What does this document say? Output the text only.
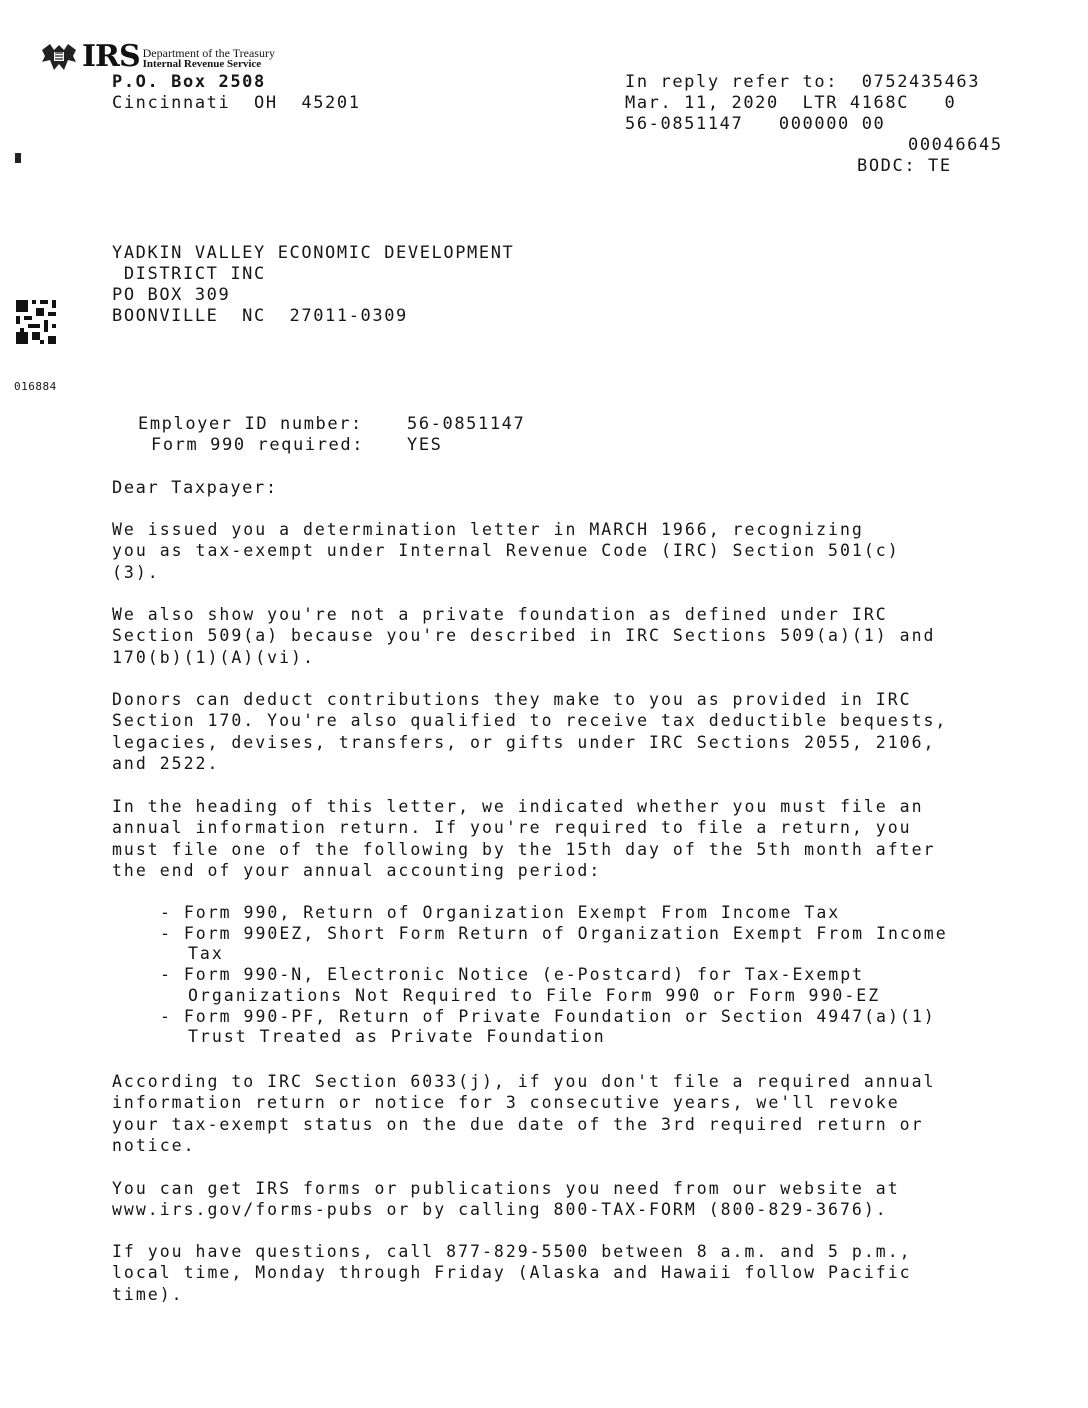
IRS Department of the Treasury
Internal Revenue Service
P.O. Box 2508
Cincinnati  OH  45201
In reply refer to:  0752435463
Mar. 11, 2020  LTR 4168C   0
56-0851147   000000 00
00046645
BODC: TE
YADKIN VALLEY ECONOMIC DEVELOPMENT
DISTRICT INC
PO BOX 309
BOONVILLE  NC  27011-0309
016884
Employer ID number:	56-0851147
Form 990 required:	YES
Dear Taxpayer:
We issued you a determination letter in MARCH 1966, recognizing
you as tax-exempt under Internal Revenue Code (IRC) Section 501(c)
(3).
We also show you're not a private foundation as defined under IRC
Section 509(a) because you're described in IRC Sections 509(a)(1) and
170(b)(1)(A)(vi).
Donors can deduct contributions they make to you as provided in IRC
Section 170. You're also qualified to receive tax deductible bequests,
legacies, devises, transfers, or gifts under IRC Sections 2055, 2106,
and 2522.
In the heading of this letter, we indicated whether you must file an
annual information return. If you're required to file a return, you
must file one of the following by the 15th day of the 5th month after
the end of your annual accounting period:
- Form 990, Return of Organization Exempt From Income Tax
- Form 990EZ, Short Form Return of Organization Exempt From Income
Tax
- Form 990-N, Electronic Notice (e-Postcard) for Tax-Exempt
Organizations Not Required to File Form 990 or Form 990-EZ
- Form 990-PF, Return of Private Foundation or Section 4947(a)(1)
Trust Treated as Private Foundation
According to IRC Section 6033(j), if you don't file a required annual
information return or notice for 3 consecutive years, we'll revoke
your tax-exempt status on the due date of the 3rd required return or
notice.
You can get IRS forms or publications you need from our website at
www.irs.gov/forms-pubs or by calling 800-TAX-FORM (800-829-3676).
If you have questions, call 877-829-5500 between 8 a.m. and 5 p.m.,
local time, Monday through Friday (Alaska and Hawaii follow Pacific
time).
